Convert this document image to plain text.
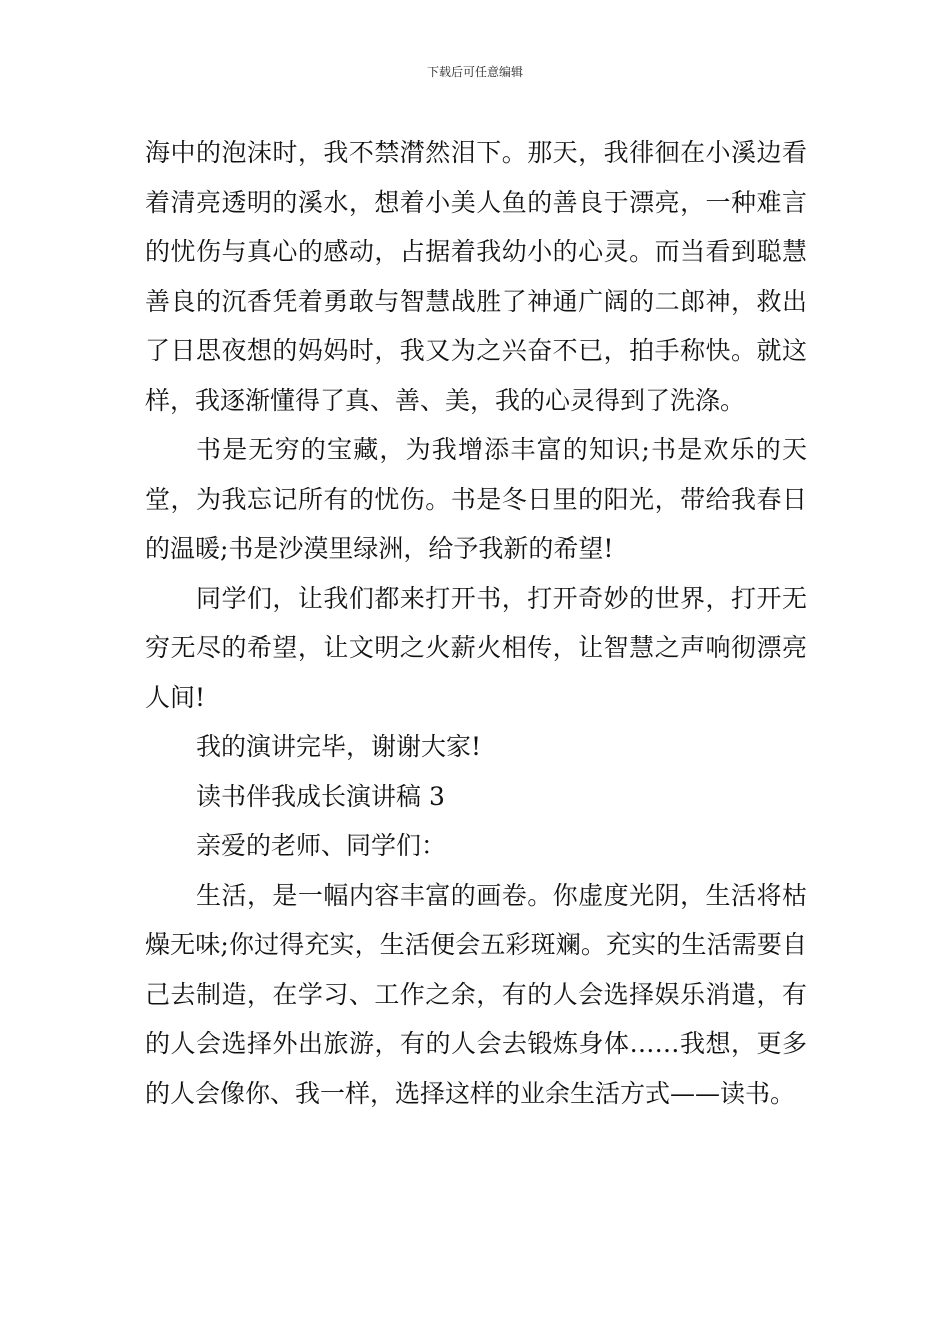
下载后可任意编辑

海中的泡沫时，我不禁潸然泪下。那天，我徘徊在小溪边看着清亮透明的溪水，想着小美人鱼的善良于漂亮，一种难言的忧伤与真心的感动，占据着我幼小的心灵。而当看到聪慧善良的沉香凭着勇敢与智慧战胜了神通广阔的二郎神，救出了日思夜想的妈妈时，我又为之兴奋不已，拍手称快。就这样，我逐渐懂得了真、善、美，我的心灵得到了洗涤。

书是无穷的宝藏，为我增添丰富的知识;书是欢乐的天堂，为我忘记所有的忧伤。书是冬日里的阳光，带给我春日的温暖;书是沙漠里绿洲，给予我新的希望!

同学们，让我们都来打开书，打开奇妙的世界，打开无穷无尽的希望，让文明之火薪火相传，让智慧之声响彻漂亮人间!

我的演讲完毕，谢谢大家!

读书伴我成长演讲稿 3

亲爱的老师、同学们：

生活，是一幅内容丰富的画卷。你虚度光阴，生活将枯燥无味;你过得充实，生活便会五彩斑斓。充实的生活需要自己去制造，在学习、工作之余，有的人会选择娱乐消遣，有的人会选择外出旅游，有的人会去锻炼身体……我想，更多的人会像你、我一样，选择这样的业余生活方式——读书。
